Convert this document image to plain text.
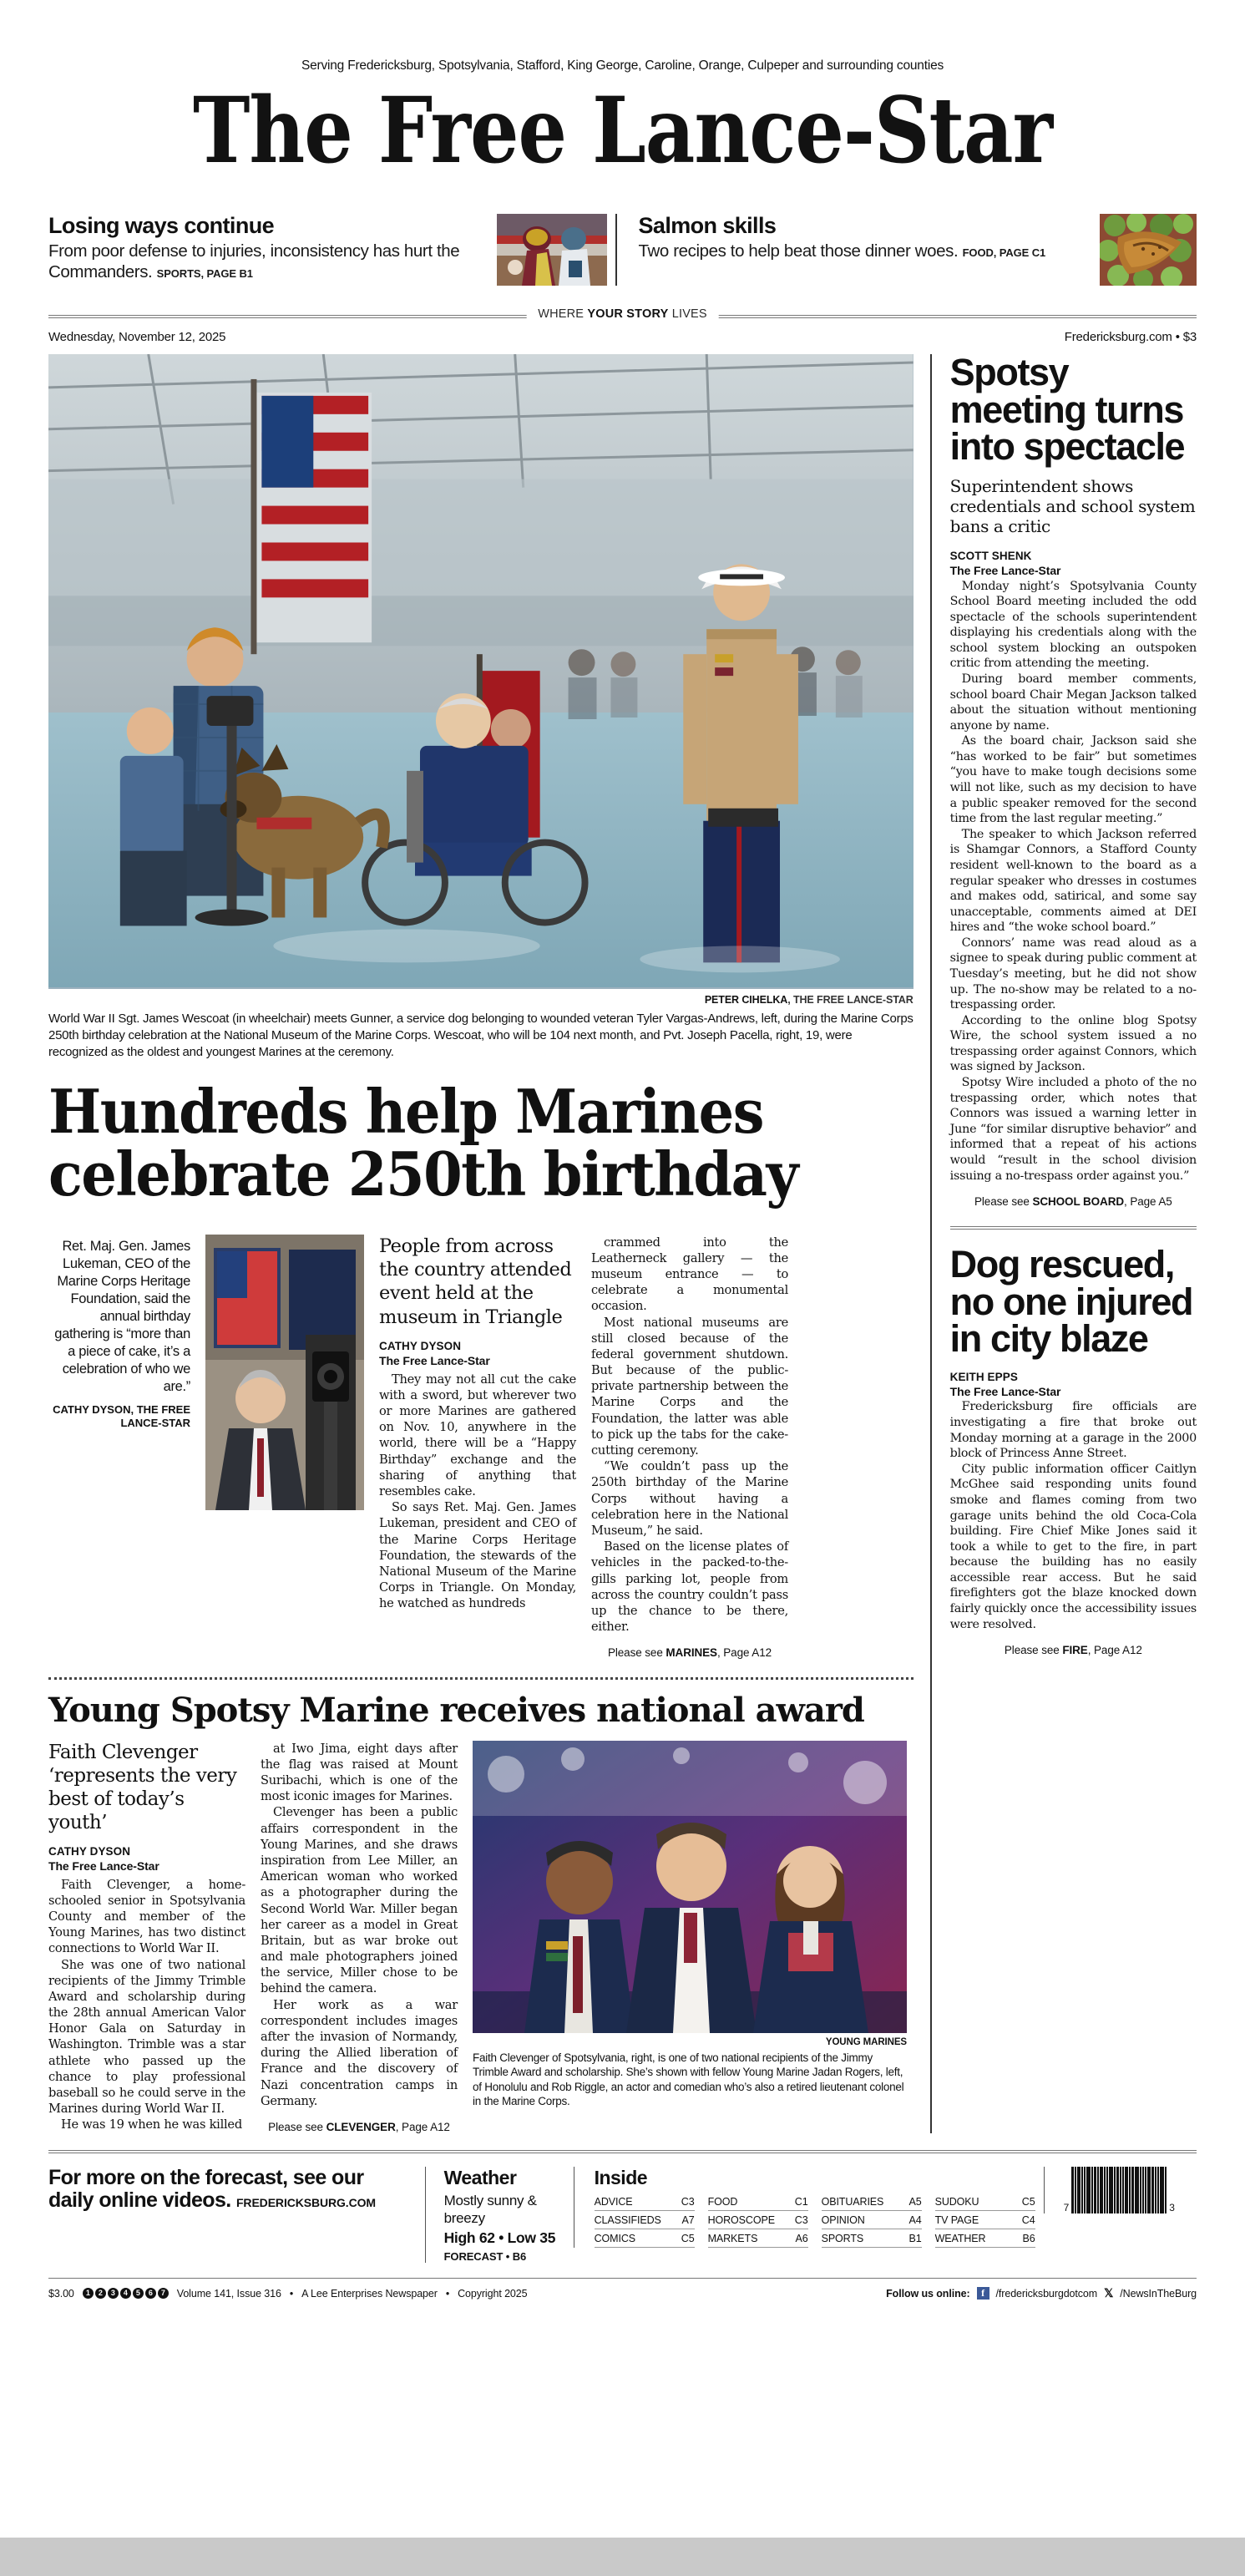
Serving Fredericksburg, Spotsylvania, Stafford, King George, Caroline, Orange, Culpeper and surrounding counties
The Free Lance-Star
Losing ways continue
From poor defense to injuries, inconsistency has hurt the Commanders. SPORTS, PAGE B1
Salmon skills
Two recipes to help beat those dinner woes. FOOD, PAGE C1
WHERE YOUR STORY LIVES
Wednesday, November 12, 2025	Fredericksburg.com • $3
PETER CIHELKA, THE FREE LANCE-STAR
World War II Sgt. James Wescoat (in wheelchair) meets Gunner, a service dog belonging to wounded veteran Tyler Vargas-Andrews, left, during the Marine Corps 250th birthday celebration at the National Museum of the Marine Corps. Wescoat, who will be 104 next month, and Pvt. Joseph Pacella, right, 19, were recognized as the oldest and youngest Marines at the ceremony.
Hundreds help Marines celebrate 250th birthday
Ret. Maj. Gen. James Lukeman, CEO of the Marine Corps Heritage Foundation, said the annual birthday gathering is “more than a piece of cake, it’s a celebration of who we are.”
CATHY DYSON, THE FREE LANCE-STAR
People from across the country attended event held at the museum in Triangle
CATHY DYSON
The Free Lance-Star

They may not all cut the cake with a sword, but wherever two or more Marines are gathered on Nov. 10, anywhere in the world, there will be a “Happy Birthday” exchange and the sharing of anything that resembles cake.

So says Ret. Maj. Gen. James Lukeman, president and CEO of the Marine Corps Heritage Foundation, the stewards of the National Museum of the Marine Corps in Triangle. On Monday, he watched as hundreds

crammed into the Leatherneck gallery — the museum entrance — to celebrate a monumental occasion.

Most national museums are still closed because of the federal government shutdown. But because of the public-private partnership between the Marine Corps and the Foundation, the latter was able to pick up the tabs for the cake-cutting ceremony.

“We couldn’t pass up the 250th birthday of the Marine Corps without having a celebration here in the National Museum,” he said.

Based on the license plates of vehicles in the packed-to-the-gills parking lot, people from across the country couldn’t pass up the chance to be there, either.

Please see MARINES, Page A12
Young Spotsy Marine receives national award
Faith Clevenger ‘represents the very best of today’s youth’
CATHY DYSON
The Free Lance-Star

Faith Clevenger, a home-schooled senior in Spotsylvania County and member of the Young Marines, has two distinct connections to World War II.

She was one of two national recipients of the Jimmy Trimble Award and scholarship during the 28th annual American Valor Honor Gala on Saturday in Washington. Trimble was a star athlete who passed up the chance to play professional baseball so he could serve in the Marines during World War II.

He was 19 when he was killed

at Iwo Jima, eight days after the flag was raised at Mount Suribachi, which is one of the most iconic images for Marines.

Clevenger has been a public affairs correspondent in the Young Marines, and she draws inspiration from Lee Miller, an American woman who worked as a photographer during the Second World War. Miller began her career as a model in Great Britain, but as war broke out and male photographers joined the service, Miller chose to be behind the camera.

Her work as a war correspondent includes images after the invasion of Normandy, during the Allied liberation of France and the discovery of Nazi concentration camps in Germany.

Please see CLEVENGER, Page A12
YOUNG MARINES
Faith Clevenger of Spotsylvania, right, is one of two national recipients of the Jimmy Trimble Award and scholarship. She’s shown with fellow Young Marine Jadan Rogers, left, of Honolulu and Rob Riggle, an actor and comedian who’s also a retired lieutenant colonel in the Marine Corps.
Spotsy meeting turns into spectacle
Superintendent shows credentials and school system bans a critic
SCOTT SHENK
The Free Lance-Star

Monday night’s Spotsylvania County School Board meeting included the odd spectacle of the schools superintendent displaying his credentials along with the school system blocking an outspoken critic from attending the meeting.

During board member comments, school board Chair Megan Jackson talked about the situation without mentioning anyone by name.

As the board chair, Jackson said she “has worked to be fair” but sometimes “you have to make tough decisions some will not like, such as my decision to have a public speaker removed for the second time from the last regular meeting.”

The speaker to which Jackson referred is Shamgar Connors, a Stafford County resident well-known to the board as a regular speaker who dresses in costumes and makes odd, satirical, and some say unacceptable, comments aimed at DEI hires and “the woke school board.”

Connors’ name was read aloud as a signee to speak during public comment at Tuesday’s meeting, but he did not show up. The no-show may be related to a no-trespassing order.

According to the online blog Spotsy Wire, the school system issued a no trespassing order against Connors, which was signed by Jackson.

Spotsy Wire included a photo of the no trespassing order, which notes that Connors was issued a warning letter in June “for similar disruptive behavior” and informed that a repeat of his actions would “result in the school division issuing a no-trespass order against you.”

Please see SCHOOL BOARD, Page A5
Dog rescued, no one injured in city blaze
KEITH EPPS
The Free Lance-Star

Fredericksburg fire officials are investigating a fire that broke out Monday morning at a garage in the 2000 block of Princess Anne Street.

City public information officer Caitlyn McGhee said responding units found smoke and flames coming from two garage units behind the old Coca-Cola building. Fire Chief Mike Jones said it took a while to get to the fire, in part because the building has no easily accessible rear access. But he said firefighters got the blaze knocked down fairly quickly once the accessibility issues were resolved.

Please see FIRE, Page A12
For more on the forecast, see our
daily online videos. FREDERICKSBURG.COM
Weather
Mostly sunny & breezy
High 62 • Low 35
FORECAST • B6
Inside
ADVICE	C3
CLASSIFIEDS A7
COMICS	C5
FOOD	C1
HOROSCOPE C3
MARKETS	A6
OBITUARIES A5
OPINION	A4
SPORTS	B1
SUDOKU	C5
TV PAGE	C4
WEATHER	B6
7	3
$3.00	1	2	3	4	5	6	7	Volume 141, Issue 316 • A Lee Enterprises Newspaper • Copyright 2025	Follow us online:	f	/fredericksburgdotcom 𝕏 /NewsInTheBurg
